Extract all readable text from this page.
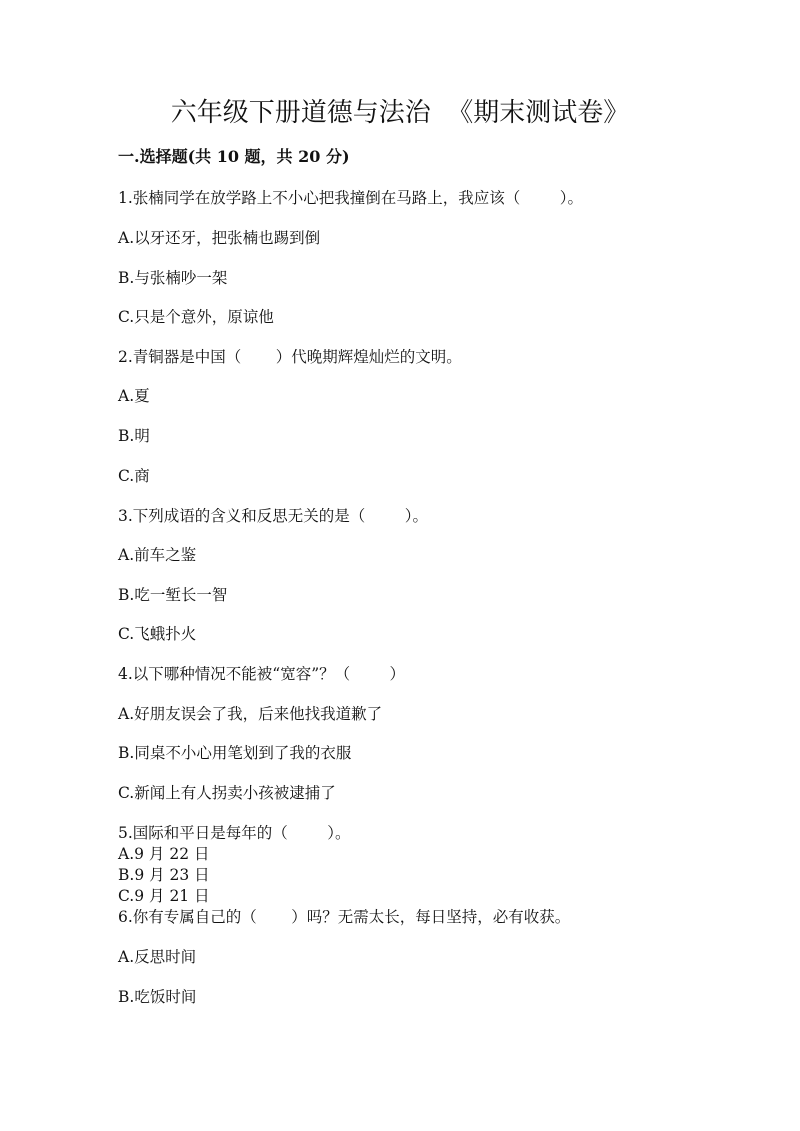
六年级下册道德与法治  《期末测试卷》
一.选择题(共 10 题，共 20 分)
1.张楠同学在放学路上不小心把我撞倒在马路上，我应该（        ）。
A.以牙还牙，把张楠也踢到倒
B.与张楠吵一架
C.只是个意外，原谅他
2.青铜器是中国（       ）代晚期辉煌灿烂的文明。
A.夏
B.明
C.商
3.下列成语的含义和反思无关的是（        ）。
A.前车之鉴
B.吃一堑长一智
C.飞蛾扑火
4.以下哪种情况不能被“宽容”？（        ）
A.好朋友误会了我，后来他找我道歉了
B.同桌不小心用笔划到了我的衣服
C.新闻上有人拐卖小孩被逮捕了
5.国际和平日是每年的（        ）。
A.9 月 22 日
B.9 月 23 日
C.9 月 21 日
6.你有专属自己的（       ）吗？无需太长，每日坚持，必有收获。
A.反思时间
B.吃饭时间
